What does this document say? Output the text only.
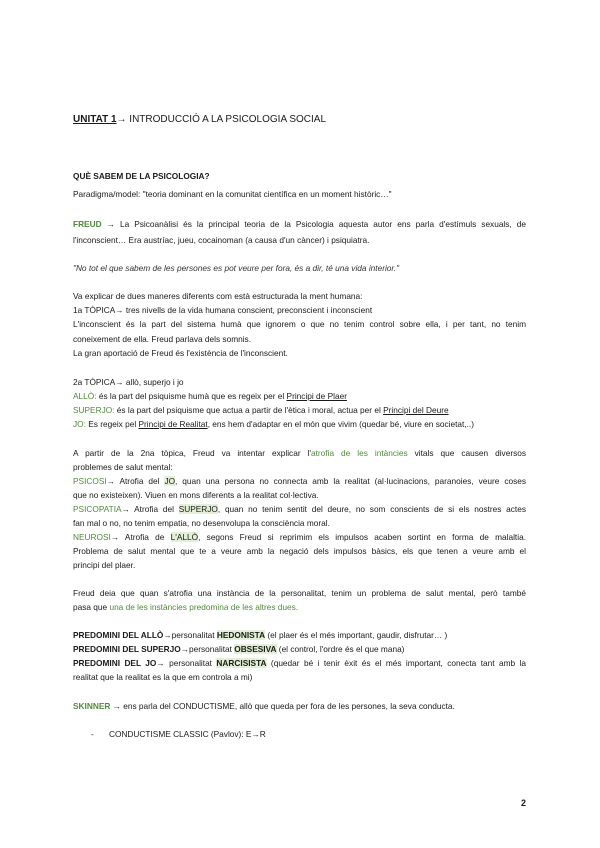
UNITAT 1→ INTRODUCCIÓ A LA PSICOLOGIA SOCIAL
QUÈ SABEM DE LA PSICOLOGIA?
Paradigma/model: "teoria dominant en la comunitat científica en un moment històric…"
FREUD → La Psicoanàlisi és la principal teoria de la Psicologia aquesta autor ens parla d'estímuls sexuals, de
l'inconscient… Era austríac, jueu, cocainoman (a causa d'un càncer) i psiquiatra.
"No tot el que sabem de les persones es pot veure per fora, és a dir, té una vida interior."
Va explicar de dues maneres diferents com està estructurada la ment humana:
1a TÒPICA→ tres nivells de la vida humana conscient, preconscient i inconscient
L'inconscient és la part del sistema humà que ignorem o que no tenim control sobre ella, i per tant, no tenim
coneixement de ella. Freud parlava dels somnis.
La gran aportació de Freud és l'existència de l'inconscient.
2a TÒPICA→ allò, superjo i jo
ALLÒ: és la part del psiquisme humà que es regeix per el Principi de Plaer
SUPERJO: és la part del psiquisme que actua a partir de l'ètica i moral, actua per el Principi del Deure
JO: Es regeix pel Principi de Realitat, ens hem d'adaptar en el món que vivim (quedar bé, viure en societat,..)
A partir de la 2na tòpica, Freud va intentar explicar l'atrofia de les intàncies vitals que causen diversos
problemes de salut mental:
PSICOSI→ Atrofia del JO, quan una persona no connecta amb la realitat (al·lucinacions, paranoies, veure coses
que no existeixen). Viuen en mons diferents a la realitat col·lectiva.
PSICOPATIA→ Atrofia del SUPERJO, quan no tenim sentit del deure, no som conscients de si els nostres actes
fan mal o no, no tenim empatia, no desenvolupa la consciència moral.
NEUROSI→ Atrofia de L'ALLÒ, segons Freud si reprimim els impulsos acaben sortint en forma de malaltia.
Problema de salut mental que te a veure amb la negació dels impulsos bàsics, els que tenen a veure amb el
principi del plaer.
Freud deia que quan s'atrofia una instància de la personalitat, tenim un problema de salut mental, però també
pasa que una de les instàncies predomina de les altres dues.
PREDOMINI DEL ALLÒ→personalitat HEDONISTA (el plaer és el més important, gaudir, disfrutar… )
PREDOMINI DEL SUPERJO→personalitat OBSESIVA (el control, l'ordre és el que mana)
PREDOMINI DEL JO→ personalitat NARCISISTA (quedar bé i tenir èxit és el més important, conecta tant amb la
realitat que la realitat es la que em controla a mi)
SKINNER → ens parla del CONDUCTISME, allò que queda per fora de les persones, la seva conducta.
- CONDUCTISME CLASSIC (Pavlov): E→R
2
